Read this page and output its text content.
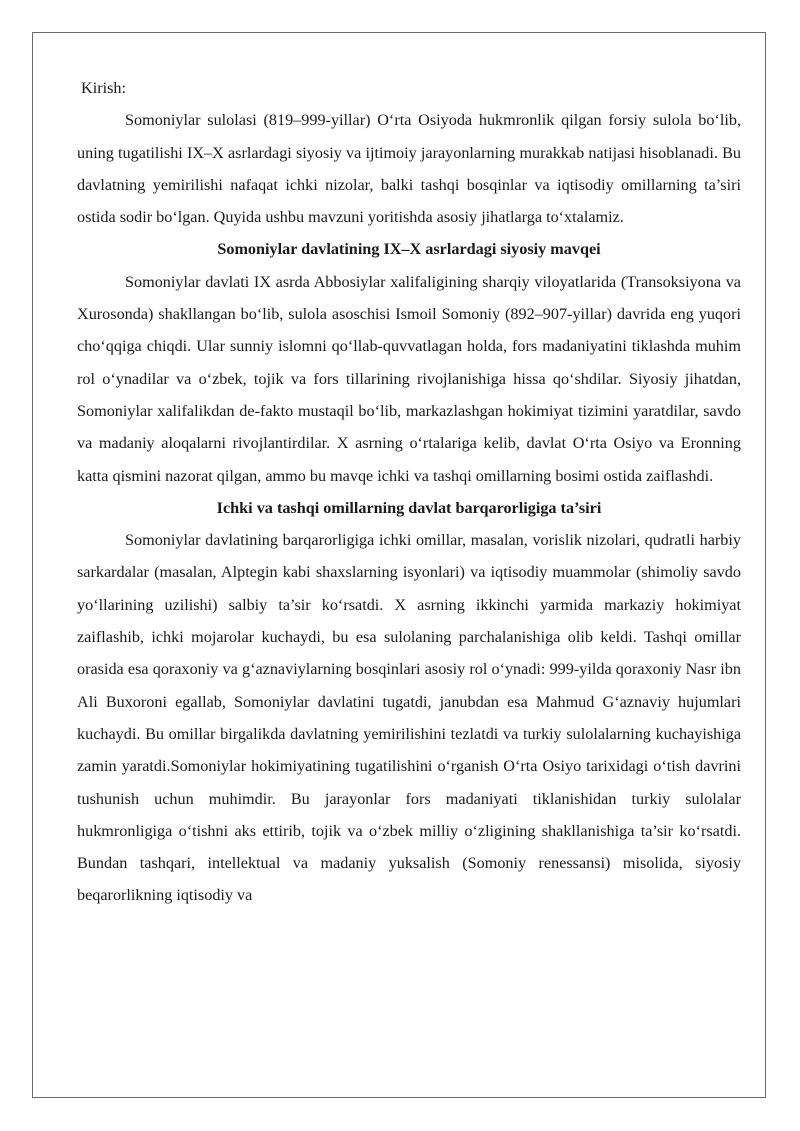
Kirish:

Somoniylar sulolasi (819–999-yillar) O‘rta Osiyoda hukmronlik qilgan forsiy sulola bo‘lib, uning tugatilishi IX–X asrlardagi siyosiy va ijtimoiy jarayonlarning murakkab natijasi hisoblanadi. Bu davlatning yemirilishi nafaqat ichki nizolar, balki tashqi bosqinlar va iqtisodiy omillarning ta’siri ostida sodir bo‘lgan. Quyida ushbu mavzuni yoritishda asosiy jihatlarga to‘xtalamiz.

Somoniylar davlatining IX–X asrlardagi siyosiy mavqei

Somoniylar davlati IX asrda Abbosiylar xalifaligining sharqiy viloyatlarida (Transoksiyona va Xurosonda) shakllangan bo‘lib, sulola asoschisi Ismoil Somoniy (892–907-yillar) davrida eng yuqori cho‘qqiga chiqdi. Ular sunniy islomni qo‘llab-quvvatlagan holda, fors madaniyatini tiklashda muhim rol o‘ynadilar va o‘zbek, tojik va fors tillarining rivojlanishiga hissa qo‘shdilar. Siyosiy jihatdan, Somoniylar xalifalikdan de-fakto mustaqil bo‘lib, markazlashgan hokimiyat tizimini yaratdilar, savdo va madaniy aloqalarni rivojlantirdilar. X asrning o‘rtalariga kelib, davlat O‘rta Osiyo va Eronning katta qismini nazorat qilgan, ammo bu mavqe ichki va tashqi omillarning bosimi ostida zaiflashdi.

Ichki va tashqi omillarning davlat barqarorligiga ta’siri

Somoniylar davlatining barqarorligiga ichki omillar, masalan, vorislik nizolari, qudratli harbiy sarkardalar (masalan, Alptegin kabi shaxslarning isyonlari) va iqtisodiy muammolar (shimoliy savdo yo‘llarining uzilishi) salbiy ta’sir ko‘rsatdi. X asrning ikkinchi yarmida markaziy hokimiyat zaiflashib, ichki mojarolar kuchaydi, bu esa sulolaning parchalanishiga olib keldi. Tashqi omillar orasida esa qoraxoniy va g‘aznaviylarning bosqinlari asosiy rol o‘ynadi: 999-yilda qoraxoniy Nasr ibn Ali Buxoroni egallab, Somoniylar davlatini tugatdi, janubdan esa Mahmud G‘aznaviy hujumlari kuchaydi. Bu omillar birgalikda davlatning yemirilishini tezlatdi va turkiy sulolalarning kuchayishiga zamin yaratdi.Somoniylar hokimiyatining tugatilishini o‘rganish O‘rta Osiyo tarixidagi o‘tish davrini tushunish uchun muhimdir. Bu jarayonlar fors madaniyati tiklanishidan turkiy sulolalar hukmronligiga o‘tishni aks ettirib, tojik va o‘zbek milliy o‘zligining shakllanishiga ta’sir ko‘rsatdi. Bundan tashqari, intellektual va madaniy yuksalish (Somoniy renessansi) misolida, siyosiy beqarorlikning iqtisodiy va
